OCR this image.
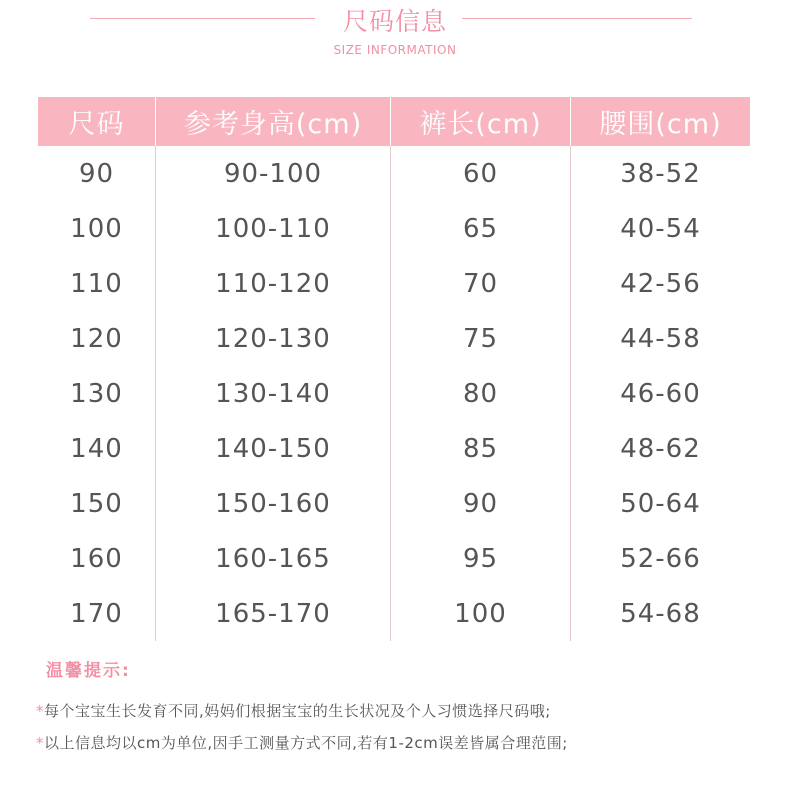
尺码信息
SIZE INFORMATION
尺码	参考身高(cm)	裤长(cm)	腰围(cm)
90	90-100	60	38-52
100	100-110	65	40-54
110	110-120	70	42-56
120	120-130	75	44-58
130	130-140	80	46-60
140	140-150	85	48-62
150	150-160	90	50-64
160	160-165	95	52-66
170	165-170	100	54-68
温馨提示:
*每个宝宝生长发育不同,妈妈们根据宝宝的生长状况及个人习惯选择尺码哦;
*以上信息均以cm为单位,因手工测量方式不同,若有1-2cm误差皆属合理范围;
